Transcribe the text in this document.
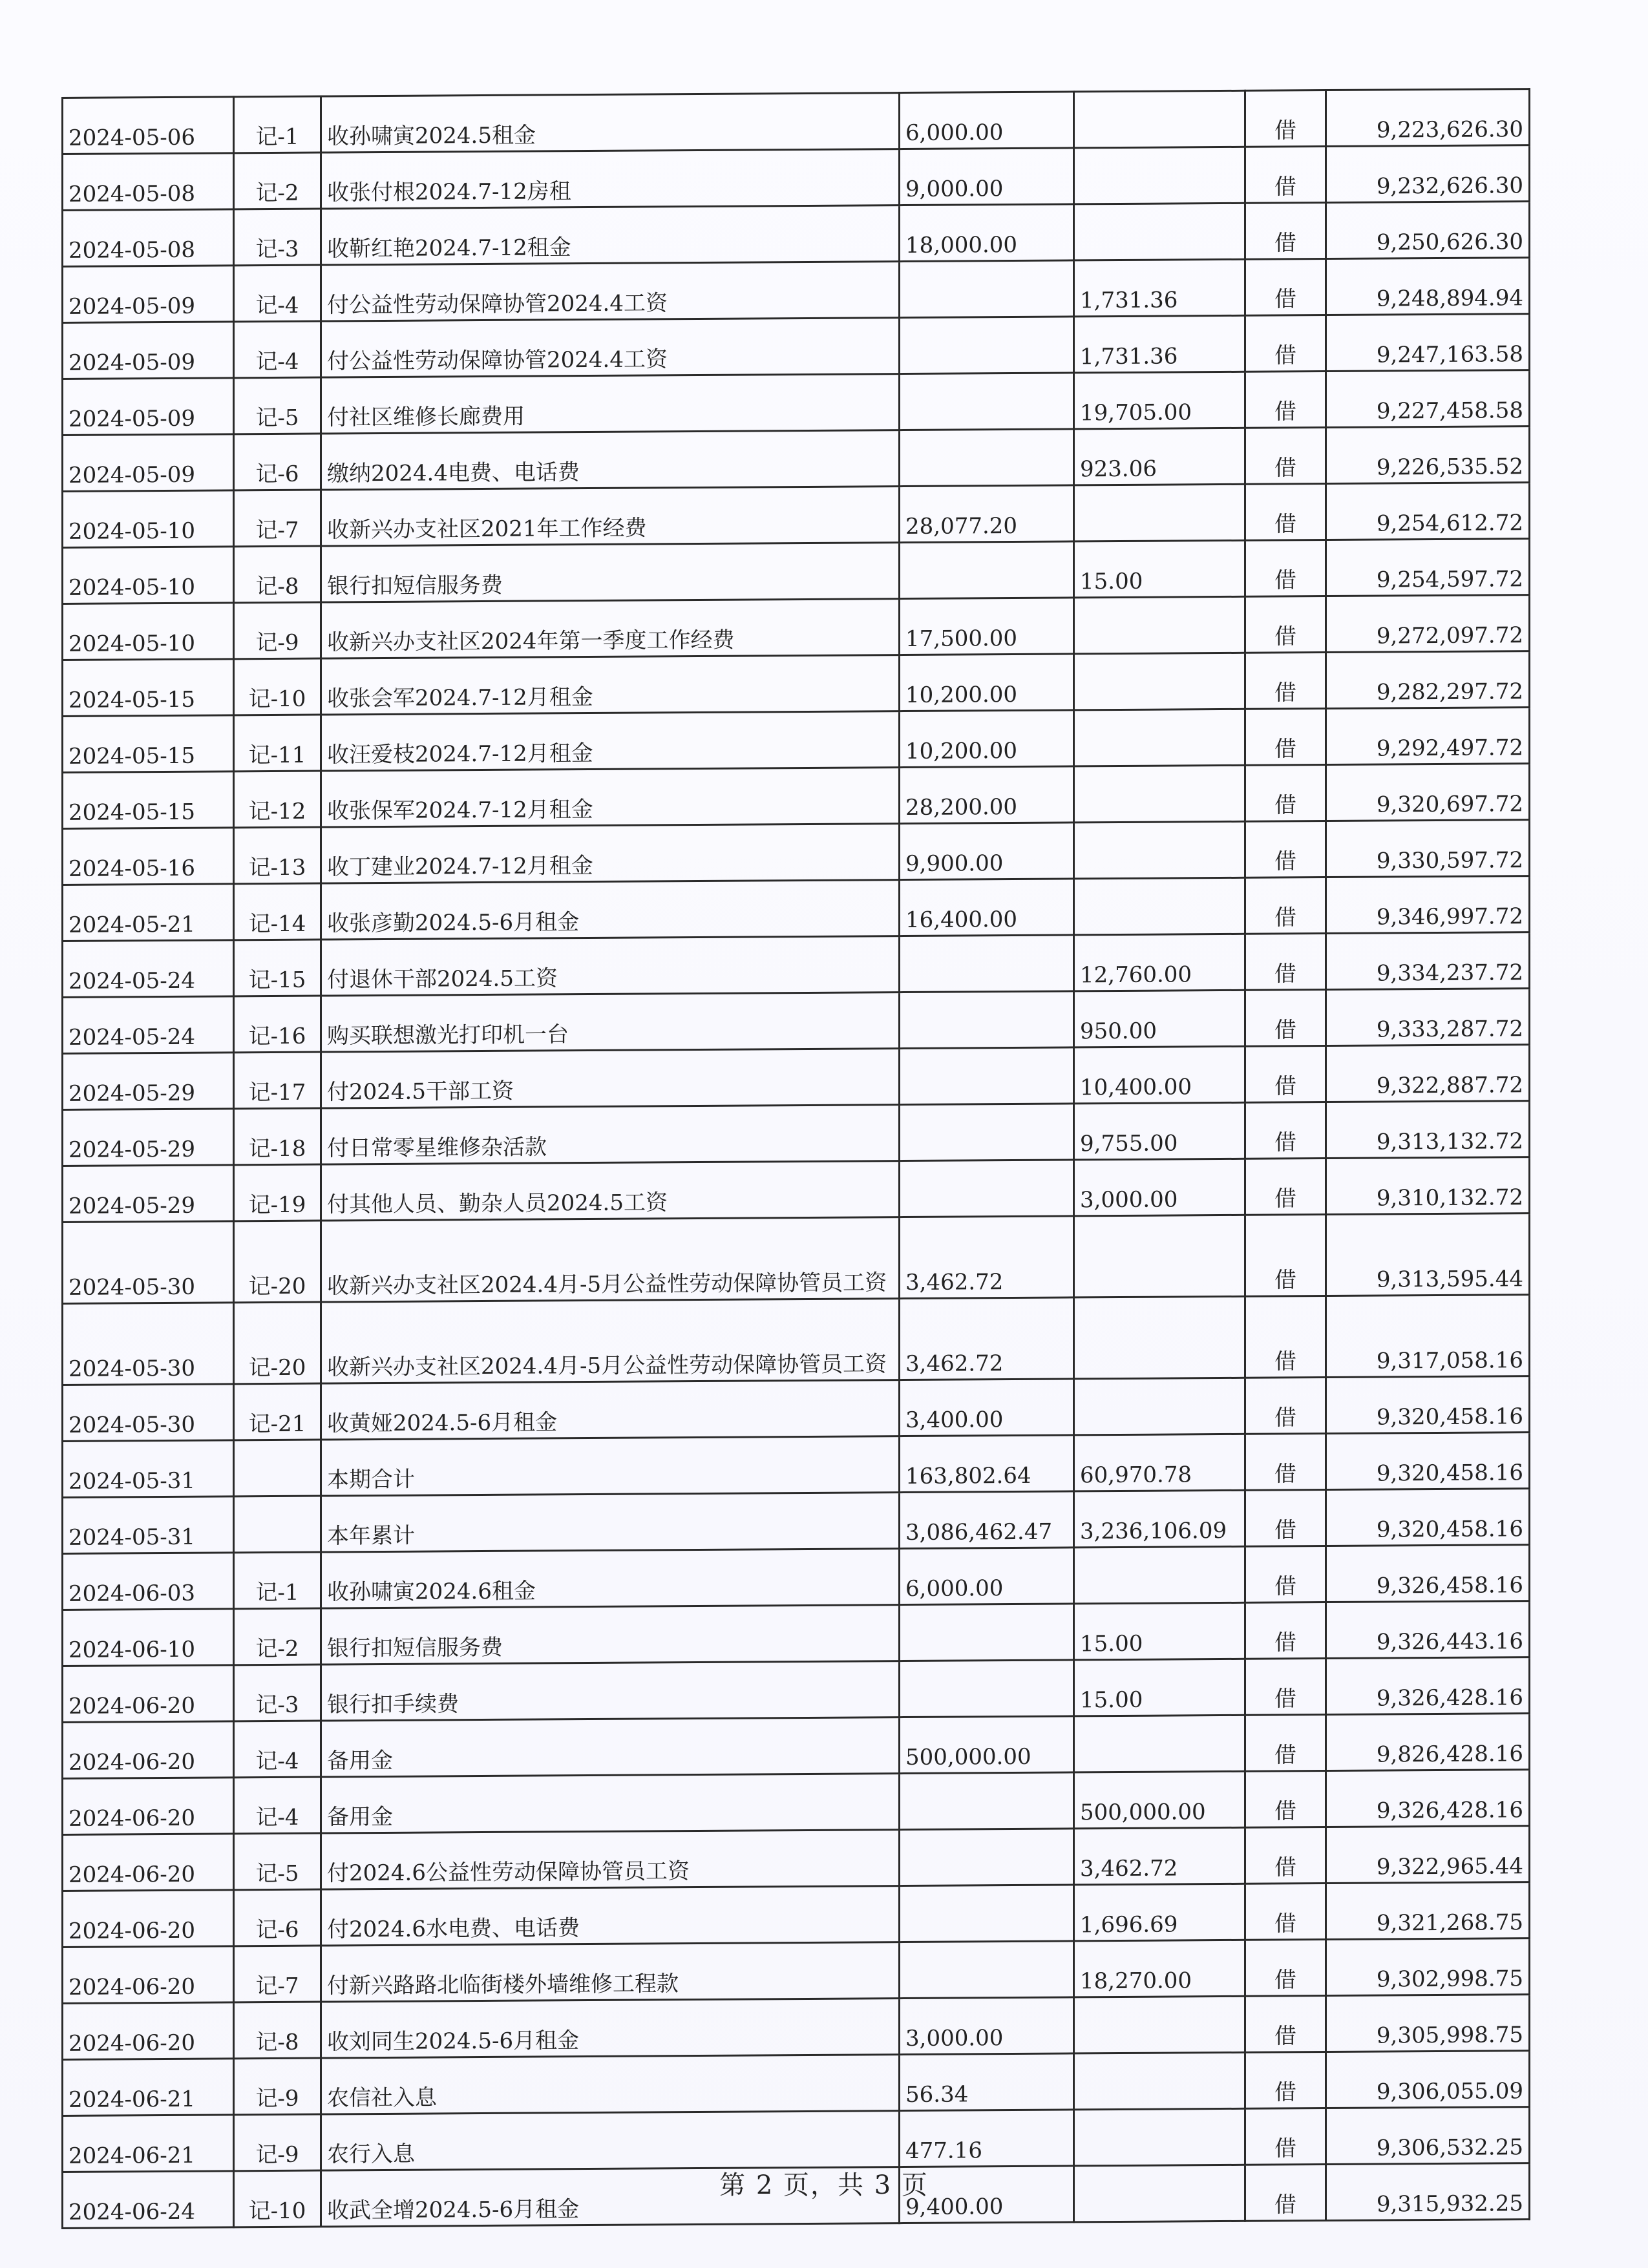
2024-05-06	记-1	收孙啸寅2024.5租金	6,000.00		借	9,223,626.30
2024-05-08	记-2	收张付根2024.7-12房租	9,000.00		借	9,232,626.30
2024-05-08	记-3	收靳红艳2024.7-12租金	18,000.00		借	9,250,626.30
2024-05-09	记-4	付公益性劳动保障协管2024.4工资		1,731.36	借	9,248,894.94
2024-05-09	记-4	付公益性劳动保障协管2024.4工资		1,731.36	借	9,247,163.58
2024-05-09	记-5	付社区维修长廊费用		19,705.00	借	9,227,458.58
2024-05-09	记-6	缴纳2024.4电费、电话费		923.06	借	9,226,535.52
2024-05-10	记-7	收新兴办支社区2021年工作经费	28,077.20		借	9,254,612.72
2024-05-10	记-8	银行扣短信服务费		15.00	借	9,254,597.72
2024-05-10	记-9	收新兴办支社区2024年第一季度工作经费	17,500.00		借	9,272,097.72
2024-05-15	记-10	收张会军2024.7-12月租金	10,200.00		借	9,282,297.72
2024-05-15	记-11	收汪爱枝2024.7-12月租金	10,200.00		借	9,292,497.72
2024-05-15	记-12	收张保军2024.7-12月租金	28,200.00		借	9,320,697.72
2024-05-16	记-13	收丁建业2024.7-12月租金	9,900.00		借	9,330,597.72
2024-05-21	记-14	收张彦勤2024.5-6月租金	16,400.00		借	9,346,997.72
2024-05-24	记-15	付退休干部2024.5工资		12,760.00	借	9,334,237.72
2024-05-24	记-16	购买联想激光打印机一台		950.00	借	9,333,287.72
2024-05-29	记-17	付2024.5干部工资		10,400.00	借	9,322,887.72
2024-05-29	记-18	付日常零星维修杂活款		9,755.00	借	9,313,132.72
2024-05-29	记-19	付其他人员、勤杂人员2024.5工资		3,000.00	借	9,310,132.72
2024-05-30	记-20	收新兴办支社区2024.4月-5月公益性劳动保障协管员工资	3,462.72		借	9,313,595.44
2024-05-30	记-20	收新兴办支社区2024.4月-5月公益性劳动保障协管员工资	3,462.72		借	9,317,058.16
2024-05-30	记-21	收黄娅2024.5-6月租金	3,400.00		借	9,320,458.16
2024-05-31		本期合计	163,802.64	60,970.78	借	9,320,458.16
2024-05-31		本年累计	3,086,462.47	3,236,106.09	借	9,320,458.16
2024-06-03	记-1	收孙啸寅2024.6租金	6,000.00		借	9,326,458.16
2024-06-10	记-2	银行扣短信服务费		15.00	借	9,326,443.16
2024-06-20	记-3	银行扣手续费		15.00	借	9,326,428.16
2024-06-20	记-4	备用金	500,000.00		借	9,826,428.16
2024-06-20	记-4	备用金		500,000.00	借	9,326,428.16
2024-06-20	记-5	付2024.6公益性劳动保障协管员工资		3,462.72	借	9,322,965.44
2024-06-20	记-6	付2024.6水电费、电话费		1,696.69	借	9,321,268.75
2024-06-20	记-7	付新兴路路北临街楼外墙维修工程款		18,270.00	借	9,302,998.75
2024-06-20	记-8	收刘同生2024.5-6月租金	3,000.00		借	9,305,998.75
2024-06-21	记-9	农信社入息	56.34		借	9,306,055.09
2024-06-21	记-9	农行入息	477.16		借	9,306,532.25
2024-06-24	记-10	收武全增2024.5-6月租金	9,400.00		借	9,315,932.25
第 2 页，共 3 页
